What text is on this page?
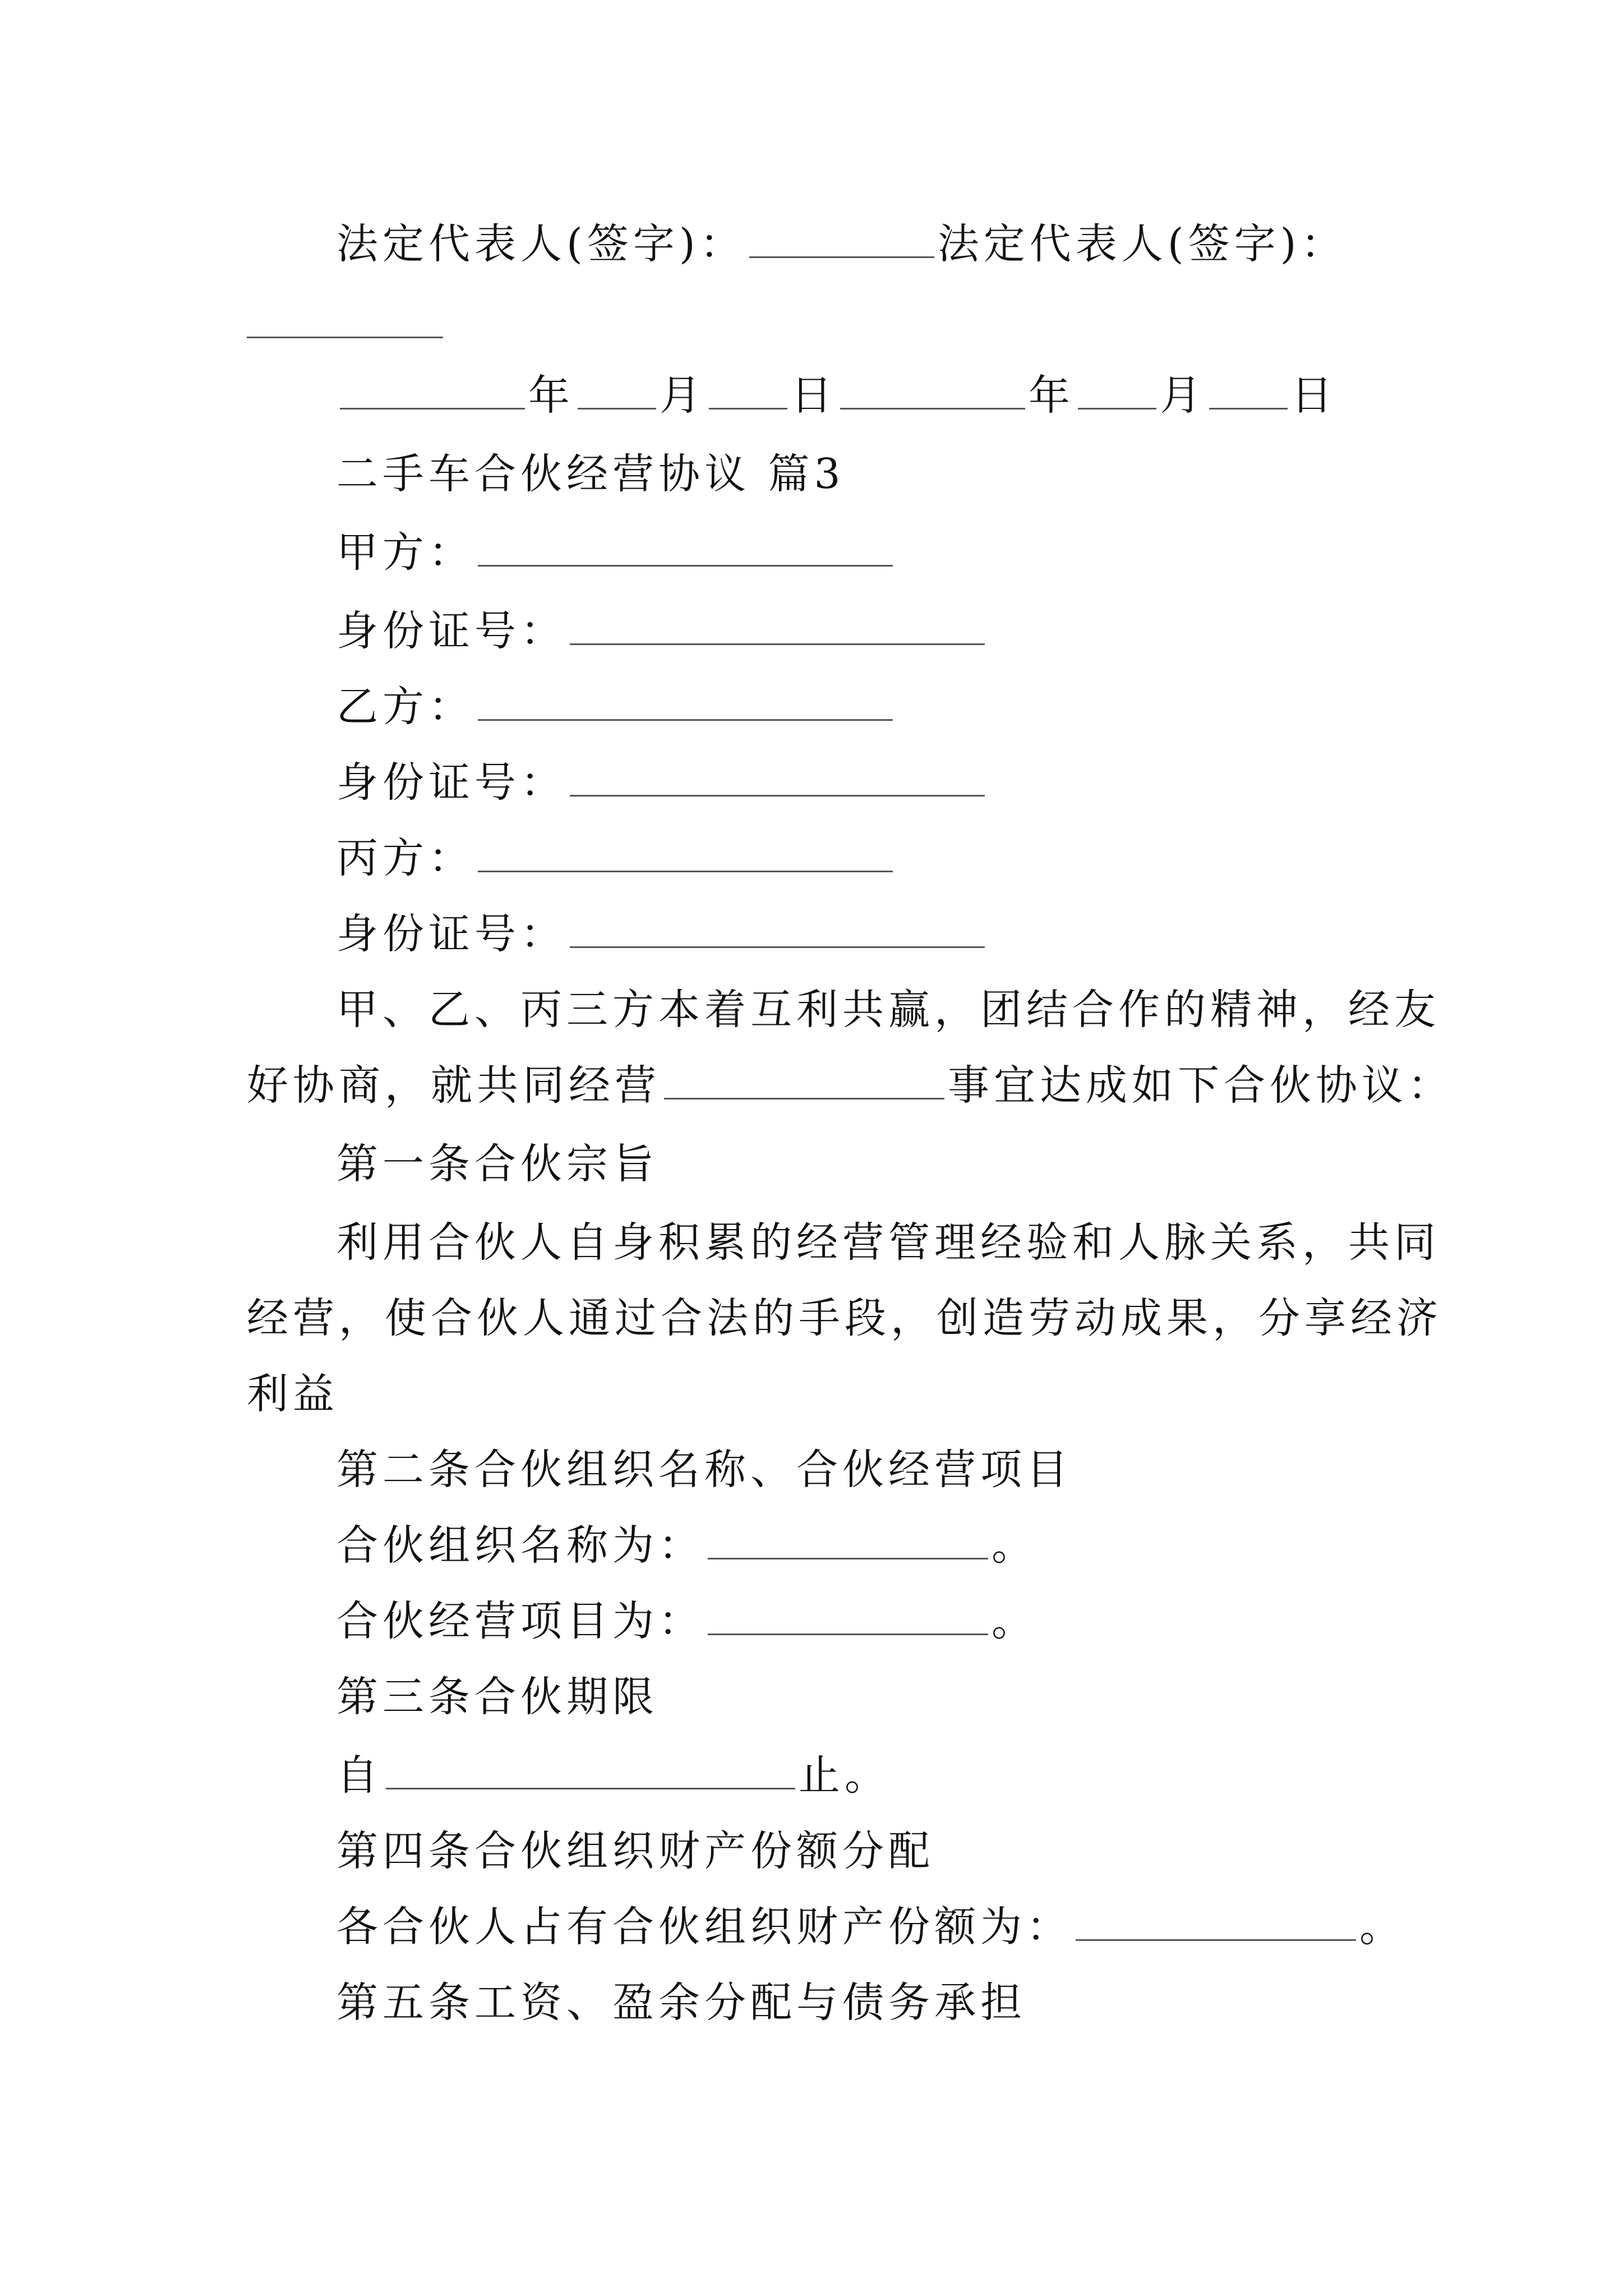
法定代表人(签字)：	法定代表人(签字)：
年 月 日	年 月 日
二手车合伙经营协议 篇3
甲方：
身份证号：
乙方：
身份证号：
丙方：
身份证号：
甲、乙、丙三方本着互利共赢，团结合作的精神，经友
好协商，就共同经营	事宜达成如下合伙协议：
第一条合伙宗旨
利用合伙人自身积累的经营管理经验和人脉关系，共同
经营，使合伙人通过合法的手段，创造劳动成果，分享经济
利益
第二条合伙组织名称、合伙经营项目
合伙组织名称为：	。
合伙经营项目为：	。
第三条合伙期限
自	止。
第四条合伙组织财产份额分配
各合伙人占有合伙组织财产份额为：	。
第五条工资、盈余分配与债务承担
